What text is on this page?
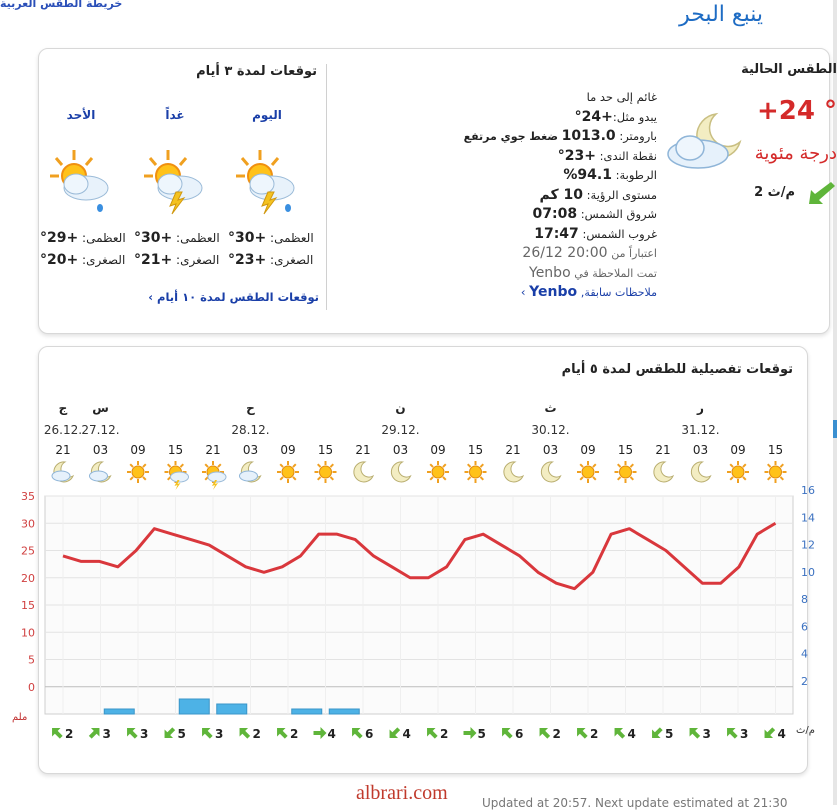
خريطة الطقس العربية	ينبع البحر
توقعات لمدة ٣ أيام
اليوم
العظمى: +30°
الصغرى: +23°
غداً
العظمى: +30°
الصغرى: +21°
الأحد
العظمى: +29°
الصغرى: +20°
توقعات الطقس لمدة ١٠ أيام ›
الطقس الحالية
+24 °
درجة مئوية
2 م/ث
غائم إلى حد ما
يبدو مثل:+24°
بارومتر: 1013.0 ضغط جوي مرتفع
نقطة الندى: +23°
الرطوبة: 94.1%
مستوى الرؤية: 10 كم
شروق الشمس: 07:08
غروب الشمس: 17:47
اعتباراً من 20:00 26/12
تمت الملاحظة في Yenbo
ملاحظات سابقة, Yenbo ›
توقعات تفصيلية للطقس لمدة ٥ أيام
0
5
10
15
20
25
30
35
2
4
6
8
10
12
14
16
ج
26.12.
س
27.12.
ح
28.12.
ن
29.12.
ث
30.12.
ر
31.12.
21 03 09 15 21 03 09 15 21 03 09 15 21 03 09 15 21 03 09 15
2 3 3 5 3 2 2 4 6 4 2 5 6 2 2 4 5 3 3 4
ملم
م/ث
albrari.com	Updated at 20:57. Next update estimated at 21:30
